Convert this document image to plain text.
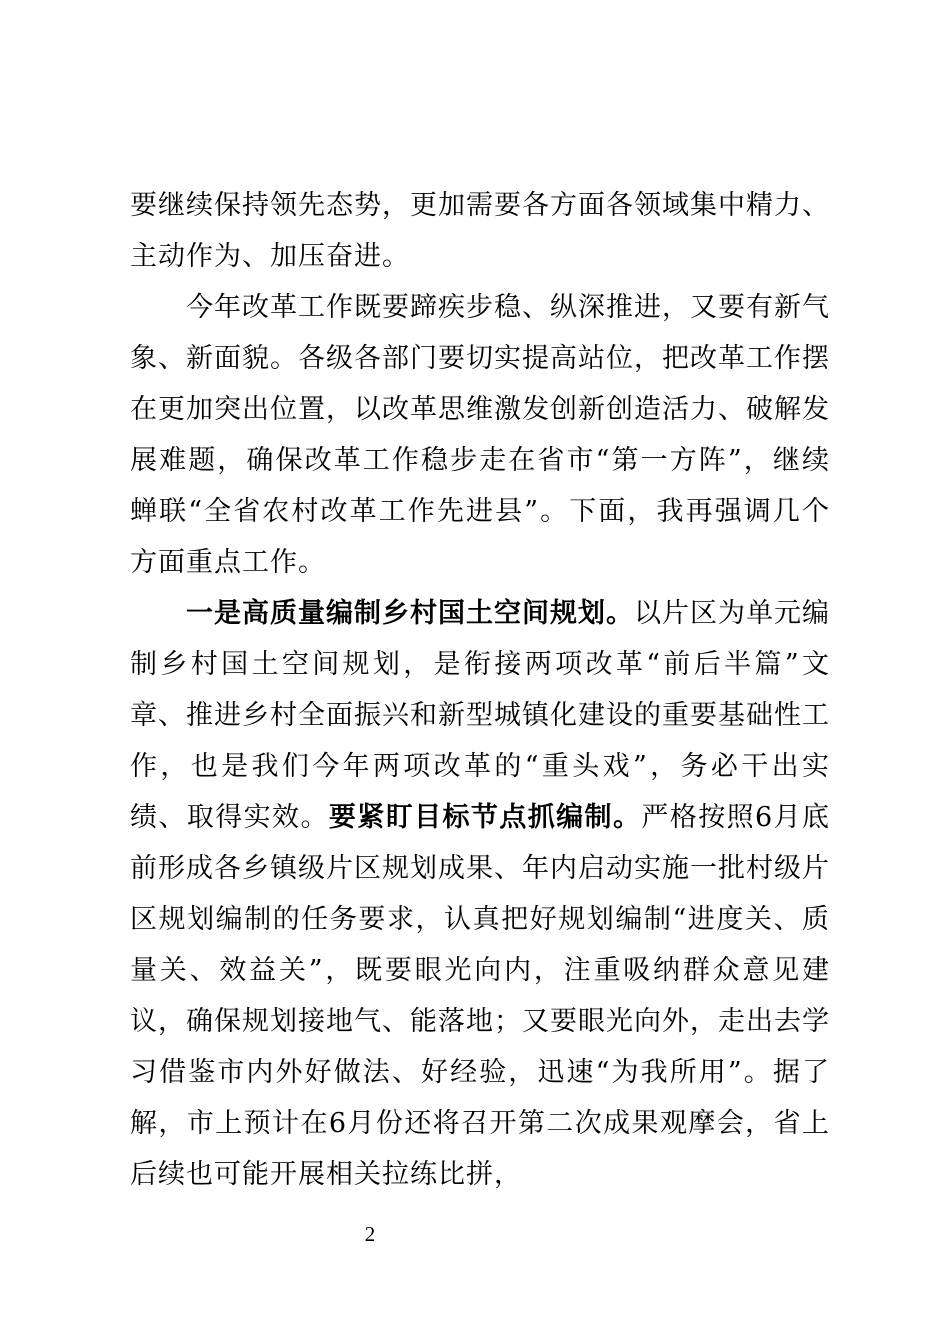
要继续保持领先态势，更加需要各方面各领域集中精力、主动作为、加压奋进。

今年改革工作既要蹄疾步稳、纵深推进，又要有新气象、新面貌。各级各部门要切实提高站位，把改革工作摆在更加突出位置，以改革思维激发创新创造活力、破解发展难题，确保改革工作稳步走在省市“第一方阵”，继续蝉联“全省农村改革工作先进县”。下面，我再强调几个方面重点工作。

一是高质量编制乡村国土空间规划。以片区为单元编制乡村国土空间规划，是衔接两项改革“前后半篇”文章、推进乡村全面振兴和新型城镇化建设的重要基础性工作，也是我们今年两项改革的“重头戏”，务必干出实绩、取得实效。要紧盯目标节点抓编制。严格按照6月底前形成各乡镇级片区规划成果、年内启动实施一批村级片区规划编制的任务要求，认真把好规划编制“进度关、质量关、效益关”，既要眼光向内，注重吸纳群众意见建议，确保规划接地气、能落地；又要眼光向外，走出去学习借鉴市内外好做法、好经验，迅速“为我所用”。据了解，市上预计在6月份还将召开第二次成果观摩会，省上后续也可能开展相关拉练比拼，

2
